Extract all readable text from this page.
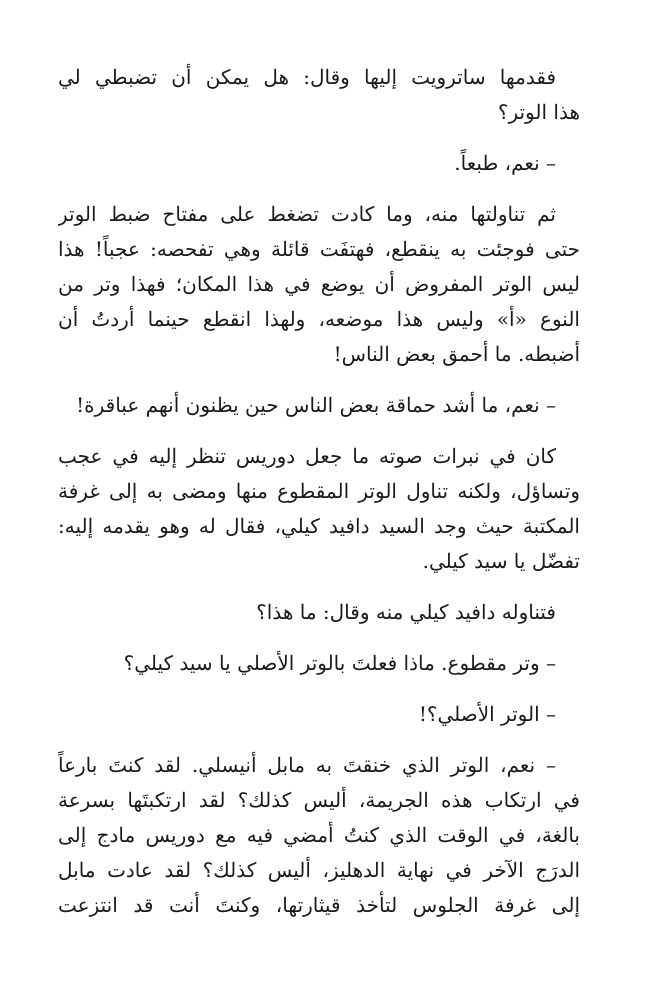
فقدمها ساترويت إليها وقال: هل يمكن أن تضبطي لي
هذا الوتر؟
– نعم، طبعاً.
ثم تناولتها منه، وما كادت تضغط على مفتاح ضبط الوتر
حتى فوجئت به ينقطع، فهتفَت قائلة وهي تفحصه: عجباً! هذا
ليس الوتر المفروض أن يوضع في هذا المكان؛ فهذا وتر من
النوع «أ» وليس هذا موضعه، ولهذا انقطع حينما أردتُ أن
أضبطه. ما أحمق بعض الناس!
– نعم، ما أشد حماقة بعض الناس حين يظنون أنهم عباقرة!
كان في نبرات صوته ما جعل دوريس تنظر إليه في عجب
وتساؤل، ولكنه تناول الوتر المقطوع منها ومضى به إلى غرفة
المكتبة حيث وجد السيد دافيد كيلي، فقال له وهو يقدمه إليه:
تفضّل يا سيد كيلي.
فتناوله دافيد كيلي منه وقال: ما هذا؟
– وتر مقطوع. ماذا فعلتَ بالوتر الأصلي يا سيد كيلي؟
– الوتر الأصلي؟!
– نعم، الوتر الذي خنقتَ به مابل أنيسلي. لقد كنتَ بارعاً
في ارتكاب هذه الجريمة، أليس كذلك؟ لقد ارتكبتَها بسرعة
بالغة، في الوقت الذي كنتُ أمضي فيه مع دوريس مادج إلى
الدرَج الآخر في نهاية الدهليز، أليس كذلك؟ لقد عادت مابل
إلى غرفة الجلوس لتأخذ قيثارتها، وكنتَ أنت قد انتزعت
